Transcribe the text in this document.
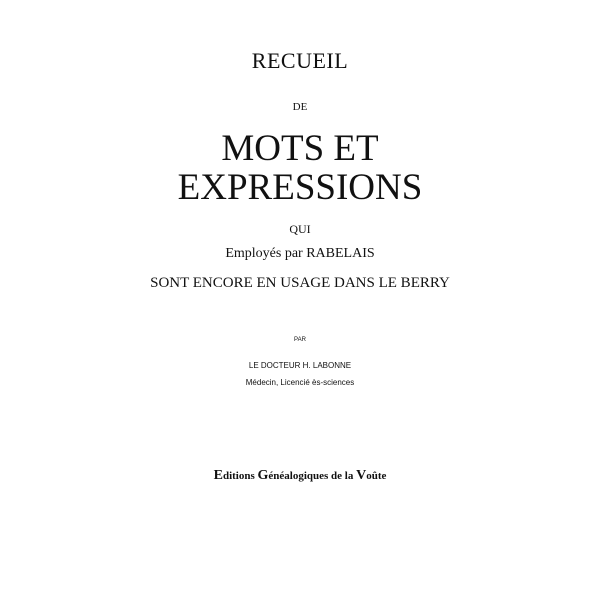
RECUEIL
DE
MOTS ET
EXPRESSIONS
QUI
Employés par RABELAIS
SONT ENCORE EN USAGE DANS LE BERRY
PAR
LE DOCTEUR H. LABONNE
Médecin, Licencié ès-sciences
Editions Généalogiques de la Voûte
